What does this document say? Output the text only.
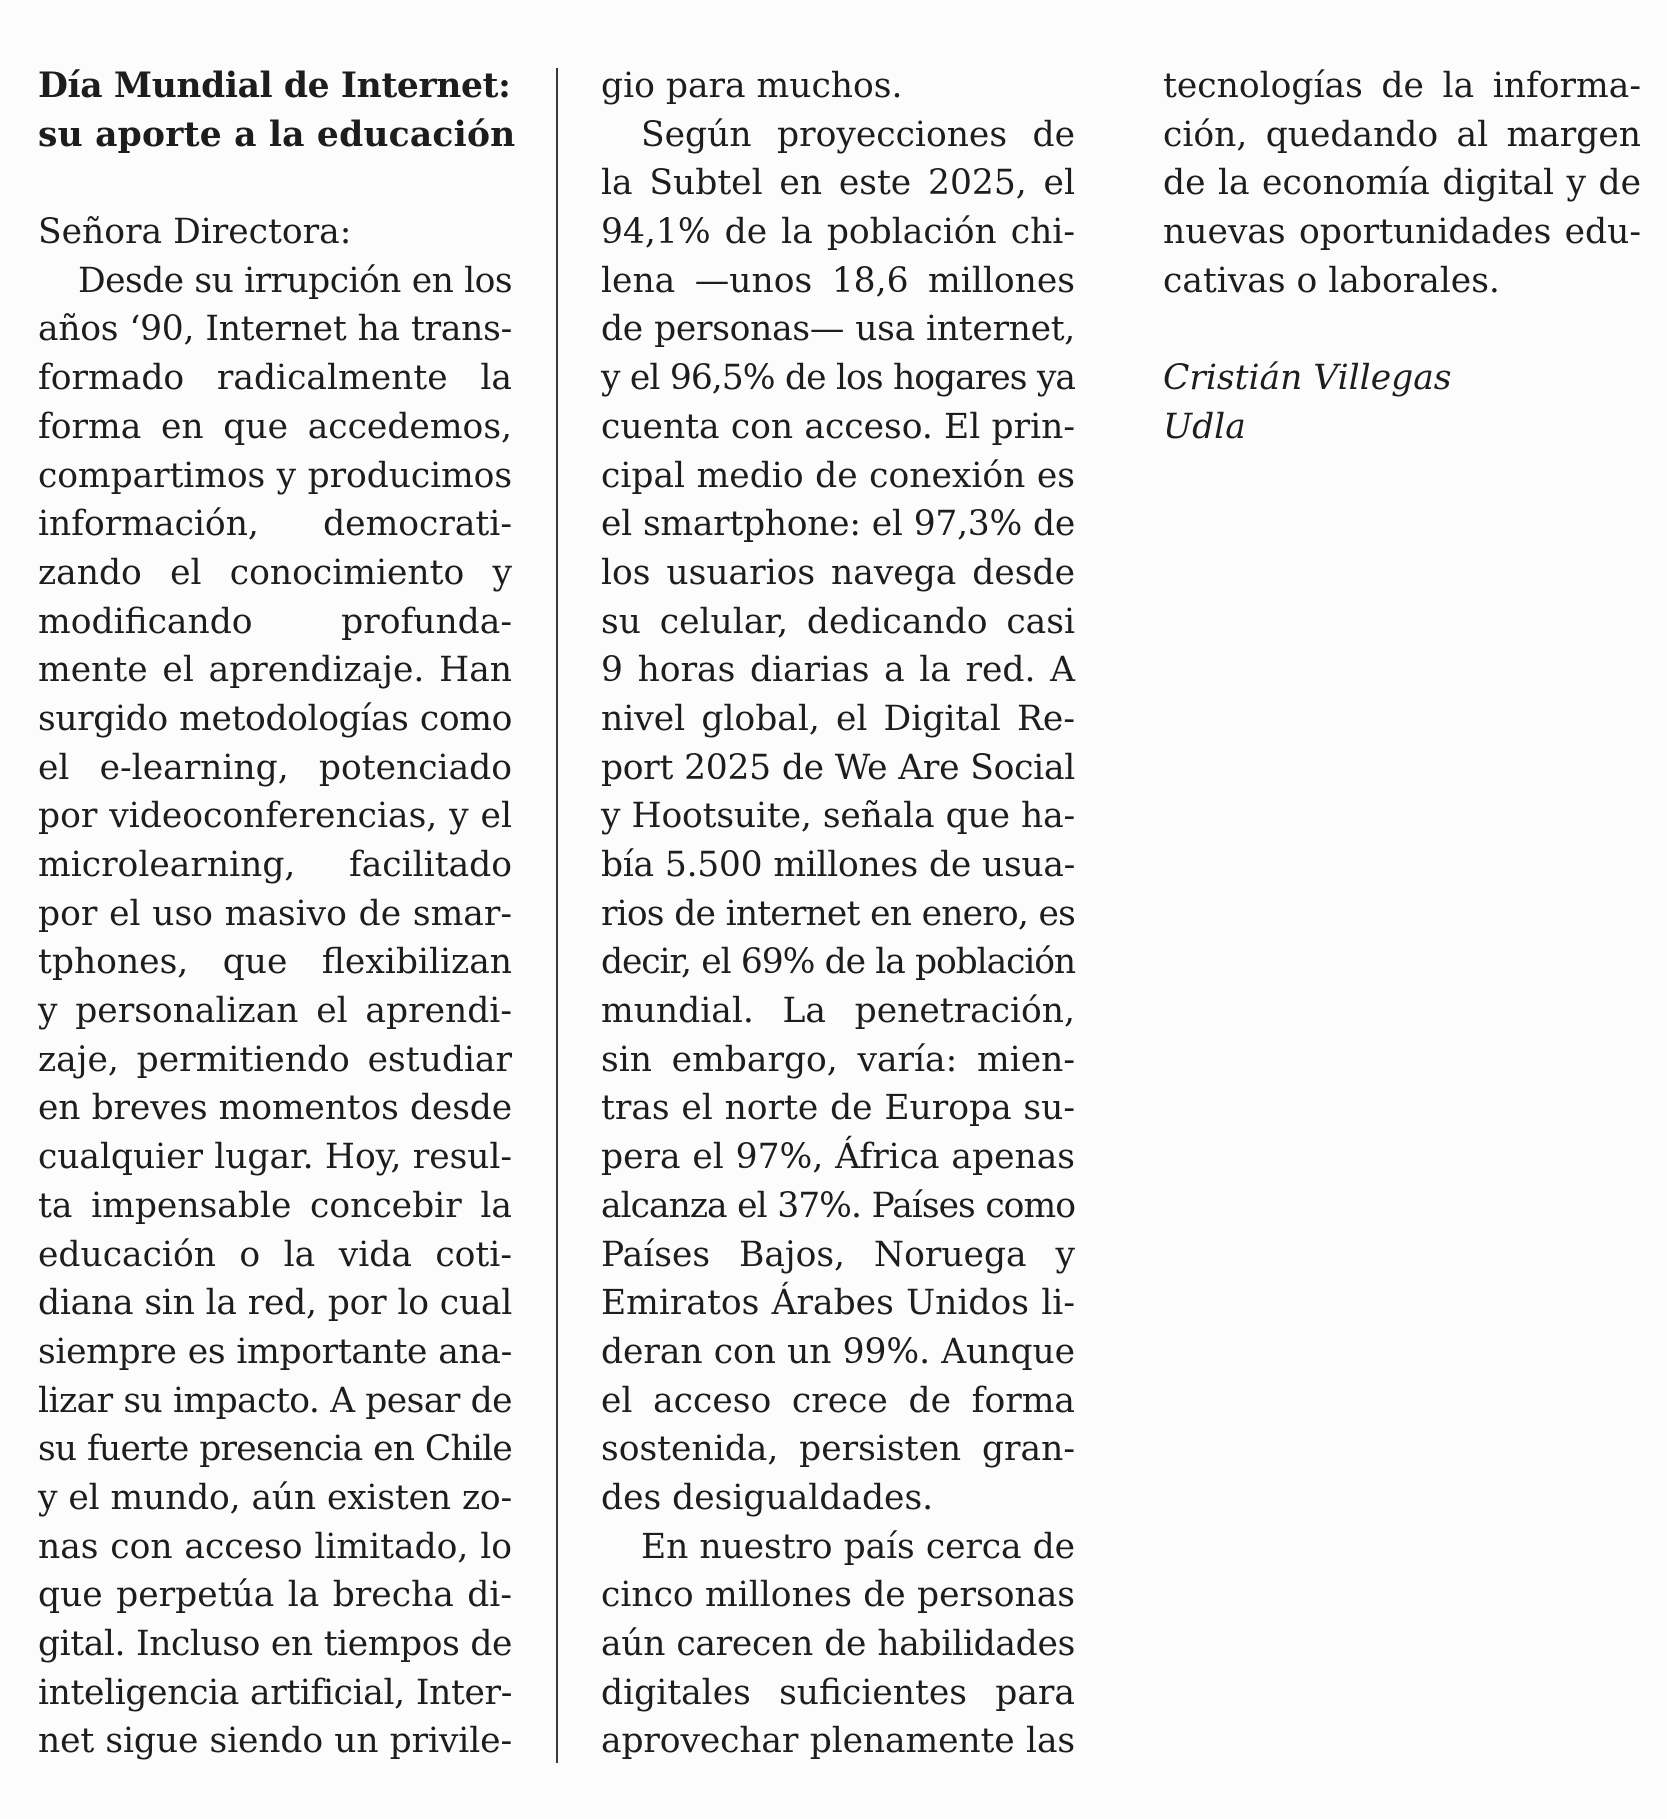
Día Mundial de Internet:
su aporte a la educación

Señora Directora:

Desde su irrupción en los
años ‘90, Internet ha trans-
formado radicalmente la
forma en que accedemos,
compartimos y producimos
información, democrati-
zando el conocimiento y
modificando profunda-
mente el aprendizaje. Han
surgido metodologías como
el e-learning, potenciado
por videoconferencias, y el
microlearning, facilitado
por el uso masivo de smar-
tphones, que flexibilizan
y personalizan el aprendi-
zaje, permitiendo estudiar
en breves momentos desde
cualquier lugar. Hoy, resul-
ta impensable concebir la
educación o la vida coti-
diana sin la red, por lo cual
siempre es importante ana-
lizar su impacto. A pesar de
su fuerte presencia en Chile
y el mundo, aún existen zo-
nas con acceso limitado, lo
que perpetúa la brecha di-
gital. Incluso en tiempos de
inteligencia artificial, Inter-
net sigue siendo un privile-
gio para muchos.
Según proyecciones de
la Subtel en este 2025, el
94,1% de la población chi-
lena —unos 18,6 millones
de personas— usa internet,
y el 96,5% de los hogares ya
cuenta con acceso. El prin-
cipal medio de conexión es
el smartphone: el 97,3% de
los usuarios navega desde
su celular, dedicando casi
9 horas diarias a la red. A
nivel global, el Digital Re-
port 2025 de We Are Social
y Hootsuite, señala que ha-
bía 5.500 millones de usua-
rios de internet en enero, es
decir, el 69% de la población
mundial. La penetración,
sin embargo, varía: mien-
tras el norte de Europa su-
pera el 97%, África apenas
alcanza el 37%. Países como
Países Bajos, Noruega y
Emiratos Árabes Unidos li-
deran con un 99%. Aunque
el acceso crece de forma
sostenida, persisten gran-
des desigualdades.
En nuestro país cerca de
cinco millones de personas
aún carecen de habilidades
digitales suficientes para
aprovechar plenamente las
tecnologías de la informa-
ción, quedando al margen
de la economía digital y de
nuevas oportunidades edu-
cativas o laborales.

Cristián Villegas
Udla
